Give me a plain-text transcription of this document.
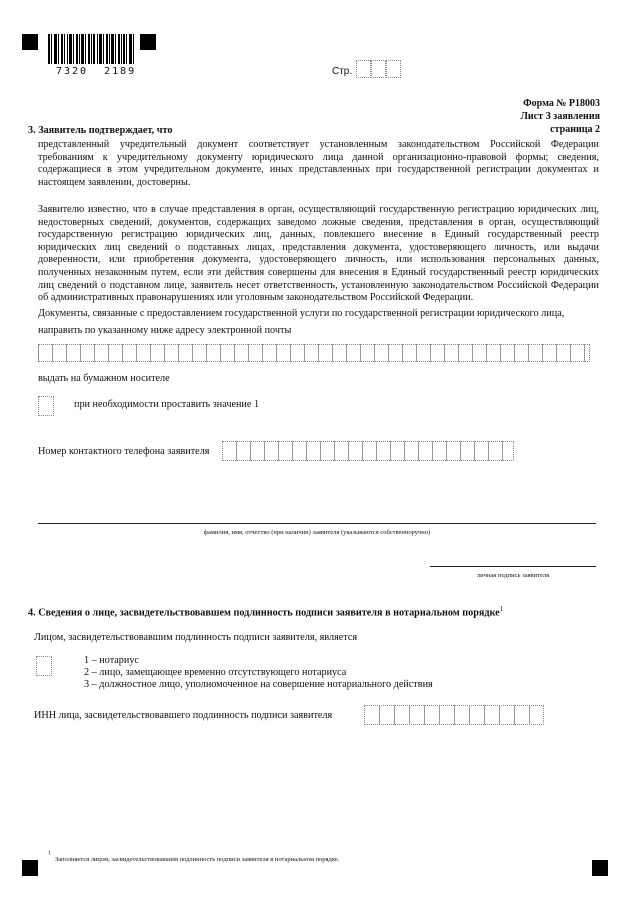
7320  2189	Стр.
Форма № Р18003
Лист З заявления
страница 2
3. Заявитель подтверждает, что
представленный учредительный документ соответствует установленным законодательством Российской Федерации требованиям к учредительному документу юридического лица данной организационно-правовой формы; сведения, содержащиеся в этом учредительном документе, иных представленных при государственной регистрации документах и настоящем заявлении, достоверны.
Заявителю известно, что в случае представления в орган, осуществляющий государственную регистрацию юридических лиц, недостоверных сведений, документов, содержащих заведомо ложные сведения, представления в орган, осуществляющий государственную регистрацию юридических лиц, данных, повлекшего внесение в Единый государственный реестр юридических лиц сведений о подставных лицах, представления документа, удостоверяющего личность, или выдачи доверенности, или приобретения документа, удостоверяющего личность, или использования персональных данных, полученных незаконным путем, если эти действия совершены для внесения в Единый государственный реестр юридических лиц сведений о подставном лице, заявитель несет ответственность, установленную законодательством Российской Федерации об административных правонарушениях или уголовным законодательством Российской Федерации.
Документы, связанные с предоставлением государственной услуги по государственной регистрации юридического лица,
направить по указанному ниже адресу электронной почты
выдать на бумажном носителе
при необходимости проставить значение 1
Номер контактного телефона заявителя
фамилия, имя, отчество (при наличии) заявителя (указываются собственноручно)
личная подпись заявителя
4. Сведения о лице, засвидетельствовавшем подлинность подписи заявителя в нотариальном порядке$^1$
Лицом, засвидетельствовавшим подлинность подписи заявителя, является
1 – нотариус
2 – лицо, замещающее временно отсутствующего нотариуса
3 – должностное лицо, уполномоченное на совершение нотариального действия
ИНН лица, засвидетельствовавшего подлинность подписи заявителя
$^1$ Заполняется лицом, засвидетельствовавшим подлинность подписи заявителя в нотариальном порядке.
